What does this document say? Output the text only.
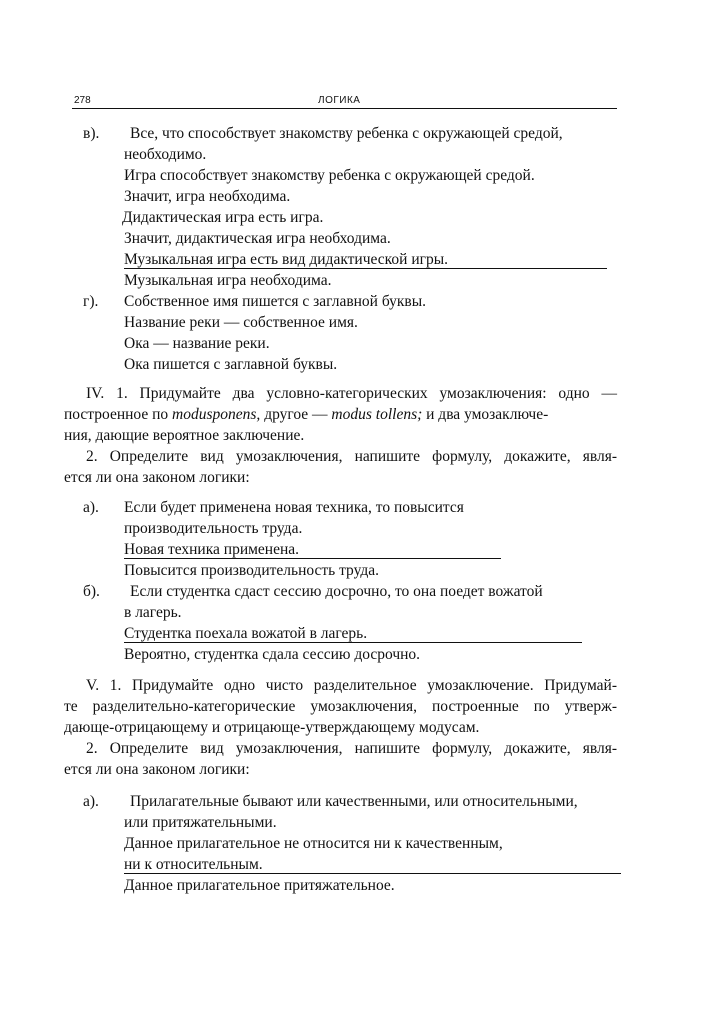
278	ЛОГИКА
в). Все, что способствует знакомству ребенка с окружающей средой,
необходимо.
Игра способствует знакомству ребенка с окружающей средой.
Значит, игра необходима.
Дидактическая игра есть игра.
Значит, дидактическая игра необходима.
Музыкальная игра есть вид дидактической игры.
Музыкальная игра необходима.
г). Собственное имя пишется с заглавной буквы.
Название реки — собственное имя.
Ока — название реки.
Ока пишется с заглавной буквы.
IV. 1. Придумайте два условно-категорических умозаключения: одно —
построенное по modusponens, другое — modus tollens; и два умозаключе-
ния, дающие вероятное заключение.
2. Определите вид умозаключения, напишите формулу, докажите, явля-
ется ли она законом логики:
а). Если будет применена новая техника, то повысится
производительность труда.
Новая техника применена.
Повысится производительность труда.
б). Если студентка сдаст сессию досрочно, то она поедет вожатой
в лагерь.
Студентка поехала вожатой в лагерь.
Вероятно, студентка сдала сессию досрочно.
V. 1. Придумайте одно чисто разделительное умозаключение. Придумай-
те разделительно-категорические умозаключения, построенные по утверж-
дающе-отрицающему и отрицающе-утверждающему модусам.
2. Определите вид умозаключения, напишите формулу, докажите, явля-
ется ли она законом логики:
а). Прилагательные бывают или качественными, или относительными,
или притяжательными.
Данное прилагательное не относится ни к качественным,
ни к относительным.
Данное прилагательное притяжательное.
